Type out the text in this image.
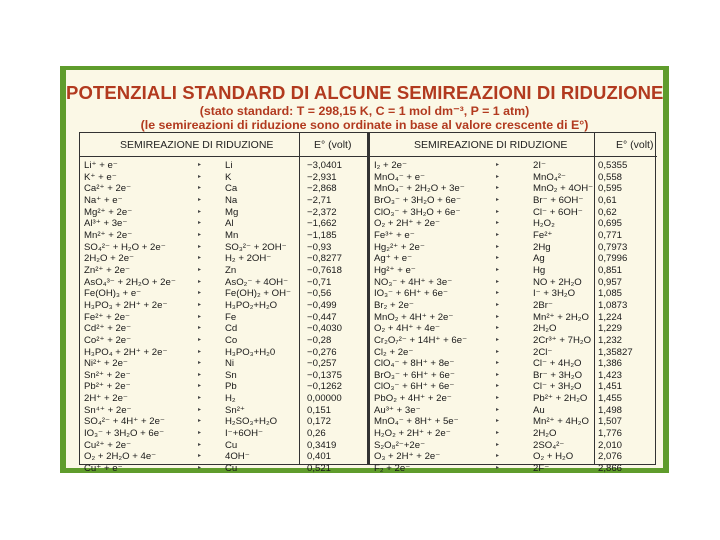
POTENZIALI STANDARD DI ALCUNE SEMIREAZIONI DI RIDUZIONE
(stato standard: T = 298,15 K, C = 1 mol dm⁻³, P = 1 atm)
(le semireazioni di riduzione sono ordinate in base al valore crescente di E°)
SEMIREAZIONE DI RIDUZIONE	E° (volt)	SEMIREAZIONE DI RIDUZIONE	E° (volt)
Li⁺ + e⁻	▸ Li	−3,0401
K⁺ + e⁻	▸ K	−2,931
Ca²⁺ + 2e⁻	▸ Ca	−2,868
Na⁺ + e⁻	▸ Na	−2,71
Mg²⁺ + 2e⁻	▸ Mg	−2,372
Al³⁺ + 3e⁻	▸ Al	−1,662
Mn²⁺ + 2e⁻	▸ Mn	−1,185
SO₄²⁻ + H₂O + 2e⁻	▸ SO₃²⁻ + 2OH⁻ −0,93
2H₂O + 2e⁻	▸ H₂ + 2OH⁻	−0,8277
Zn²⁺ + 2e⁻	▸ Zn	−0,7618
AsO₄³⁻ + 2H₂O + 2e⁻	▸ AsO₂⁻ + 4OH⁻ −0,71
Fe(OH)₃ + e⁻	▸ Fe(OH)₂ + OH⁻ −0,56
H₃PO₃ + 2H⁺ + 2e⁻	▸ H₃PO₂+H₂O	−0,499
Fe²⁺ + 2e⁻	▸ Fe	−0,447
Cd²⁺ + 2e⁻	▸ Cd	−0,4030
Co²⁺ + 2e⁻	▸ Co	−0,28
H₃PO₄ + 2H⁺ + 2e⁻	▸ H₃PO₃+H₂0	−0,276
Ni²⁺ + 2e⁻	▸ Ni	−0,257
Sn²⁺ + 2e⁻	▸ Sn	−0,1375
Pb²⁺ + 2e⁻	▸ Pb	−0,1262
2H⁺ + 2e⁻	▸ H₂	0,00000
Sn⁴⁺ + 2e⁻	▸ Sn²⁺	0,151
SO₄²⁻ + 4H⁺ + 2e⁻	▸ H₂SO₃+H₂O	0,172
IO₃⁻ + 3H₂O + 6e⁻	▸ I⁻+6OH⁻	0,26
Cu²⁺ + 2e⁻	▸ Cu	0,3419
O₂ + 2H₂O + 4e⁻	▸ 4OH⁻	0,401
Cu⁺ + e⁻	▸ Cu	0,521
I₂ + 2e⁻	▸	2I⁻	0,5355
MnO₄⁻ + e⁻	▸	MnO₄²⁻	0,558
MnO₄⁻ + 2H₂O + 3e⁻	▸	MnO₂ + 4OH⁻ 0,595
BrO₃⁻ + 3H₂O + 6e⁻	▸	Br⁻ + 6OH⁻ 0,61
ClO₃⁻ + 3H₂O + 6e⁻	▸	Cl⁻ + 6OH⁻ 0,62
O₂ + 2H⁺ + 2e⁻	▸	H₂O₂	0,695
Fe³⁺ + e⁻	▸	Fe²⁺	0,771
Hg₂²⁺ + 2e⁻	▸	2Hg	0,7973
Ag⁺ + e⁻	▸	Ag	0,7996
Hg²⁺ + e⁻	▸	Hg	0,851
NO₃⁻ + 4H⁺ + 3e⁻	▸	NO + 2H₂O 0,957
IO₃⁻ + 6H⁺ + 6e⁻	▸	I⁻ + 3H₂O 1,085
Br₂ + 2e⁻	▸	2Br⁻	1,0873
MnO₂ + 4H⁺ + 2e⁻	▸	Mn²⁺ + 2H₂O 1,224
O₂ + 4H⁺ + 4e⁻	▸	2H₂O	1,229
Cr₂O₇²⁻ + 14H⁺ + 6e⁻	▸	2Cr³⁺ + 7H₂O 1,232
Cl₂ + 2e⁻	▸	2Cl⁻	1,35827
ClO₄⁻ + 8H⁺ + 8e⁻	▸	Cl⁻ + 4H₂O 1,386
BrO₃⁻ + 6H⁺ + 6e⁻	▸	Br⁻ + 3H₂O 1,423
ClO₃⁻ + 6H⁺ + 6e⁻	▸	Cl⁻ + 3H₂O 1,451
PbO₂ + 4H⁺ + 2e⁻	▸	Pb²⁺ + 2H₂O 1,455
Au³⁺ + 3e⁻	▸	Au	1,498
MnO₄⁻ + 8H⁺ + 5e⁻	▸	Mn²⁺ + 4H₂O 1,507
H₂O₂ + 2H⁺ + 2e⁻	▸	2H₂O	1,776
S₂O₈²⁻+2e⁻	▸	2SO₄²⁻	2,010
O₃ + 2H⁺ + 2e⁻	▸	O₂ + H₂O	2,076
F₂ + 2e⁻	▸	2F⁻	2,866
